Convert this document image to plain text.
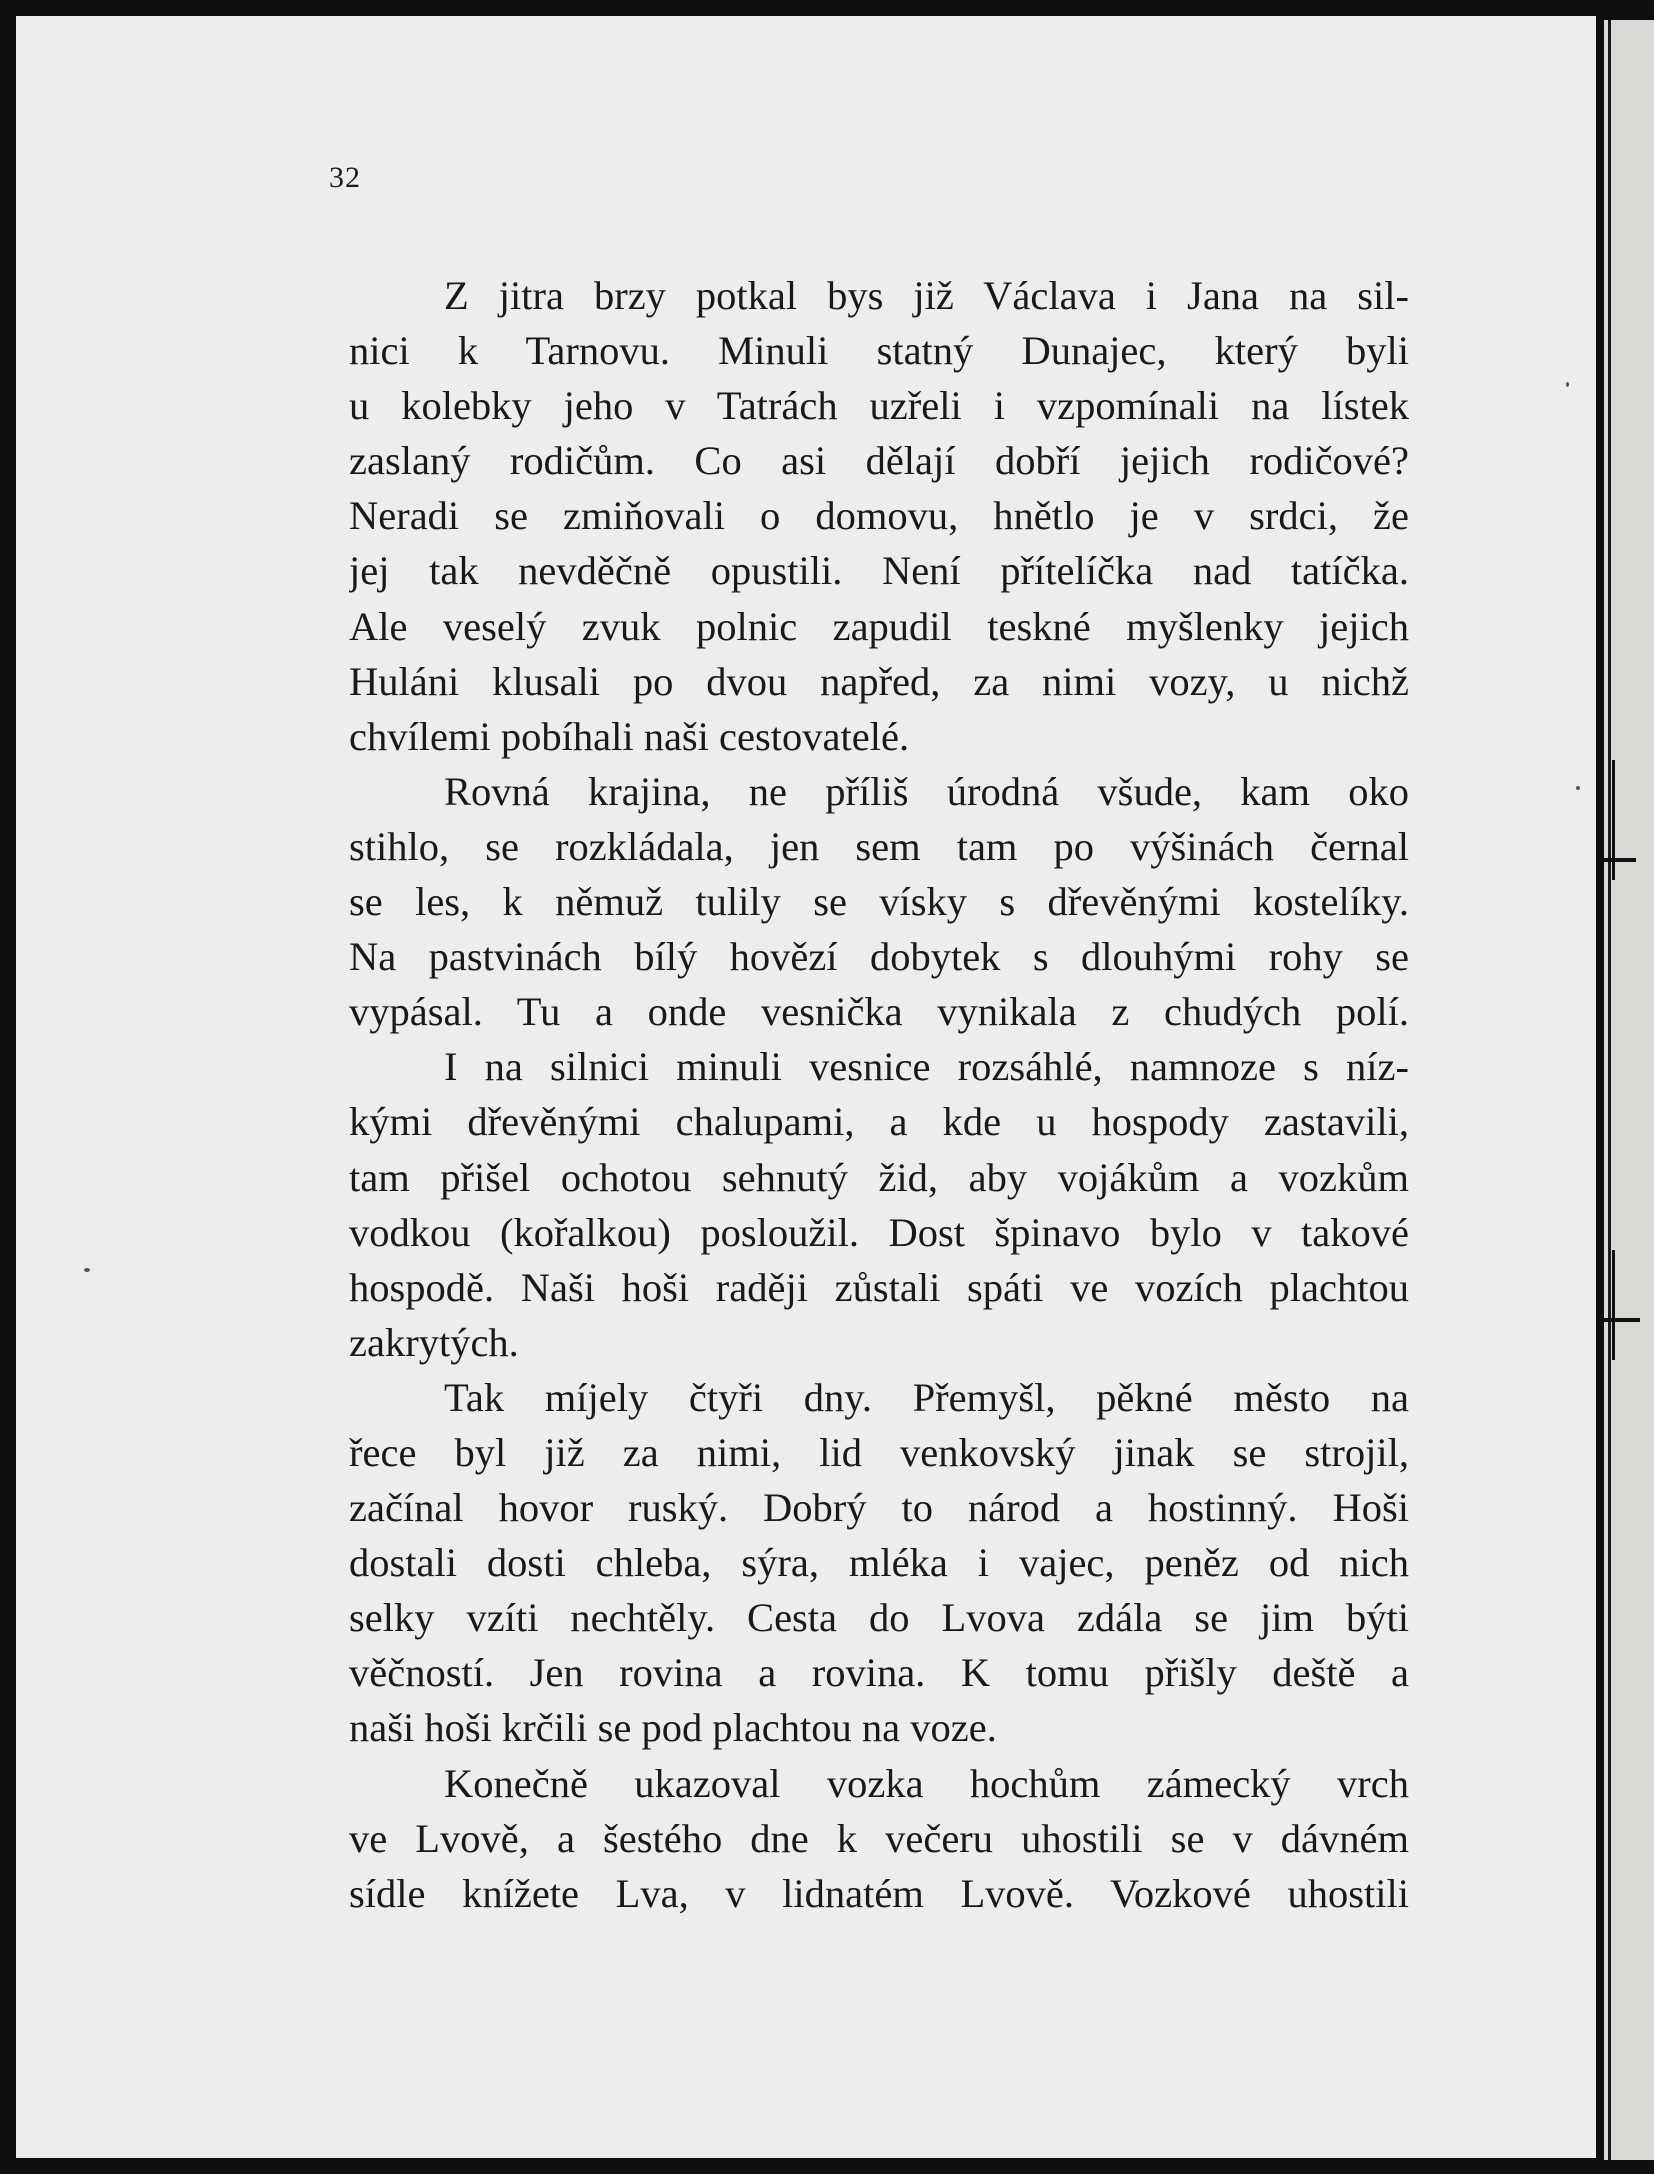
32
Z jitra brzy potkal bys již Václava i Jana na sil-
nici k Tarnovu. Minuli statný Dunajec, který byli
u kolebky jeho v Tatrách uzřeli i vzpomínali na lístek
zaslaný rodičům. Co asi dělají dobří jejich rodičové?
Neradi se zmiňovali o domovu, hnětlo je v srdci, že
jej tak nevděčně opustili. Není přítelíčka nad tatíčka.
Ale veselý zvuk polnic zapudil teskné myšlenky jejich
Huláni klusali po dvou napřed, za nimi vozy, u nichž
chvílemi pobíhali naši cestovatelé.
Rovná krajina, ne příliš úrodná všude, kam oko
stihlo, se rozkládala, jen sem tam po výšinách černal
se les, k němuž tulily se vísky s dřevěnými kostelíky.
Na pastvinách bílý hovězí dobytek s dlouhými rohy se
vypásal. Tu a onde vesnička vynikala z chudých polí.
I na silnici minuli vesnice rozsáhlé, namnoze s níz-
kými dřevěnými chalupami, a kde u hospody zastavili,
tam přišel ochotou sehnutý žid, aby vojákům a vozkům
vodkou (kořalkou) posloužil. Dost špinavo bylo v takové
hospodě. Naši hoši raději zůstali spáti ve vozích plachtou
zakrytých.
Tak míjely čtyři dny. Přemyšl, pěkné město na
řece byl již za nimi, lid venkovský jinak se strojil,
začínal hovor ruský. Dobrý to národ a hostinný. Hoši
dostali dosti chleba, sýra, mléka i vajec, peněz od nich
selky vzíti nechtěly. Cesta do Lvova zdála se jim býti
věčností. Jen rovina a rovina. K tomu přišly deště a
naši hoši krčili se pod plachtou na voze.
Konečně ukazoval vozka hochům zámecký vrch
ve Lvově, a šestého dne k večeru uhostili se v dávném
sídle knížete Lva, v lidnatém Lvově. Vozkové uhostili
